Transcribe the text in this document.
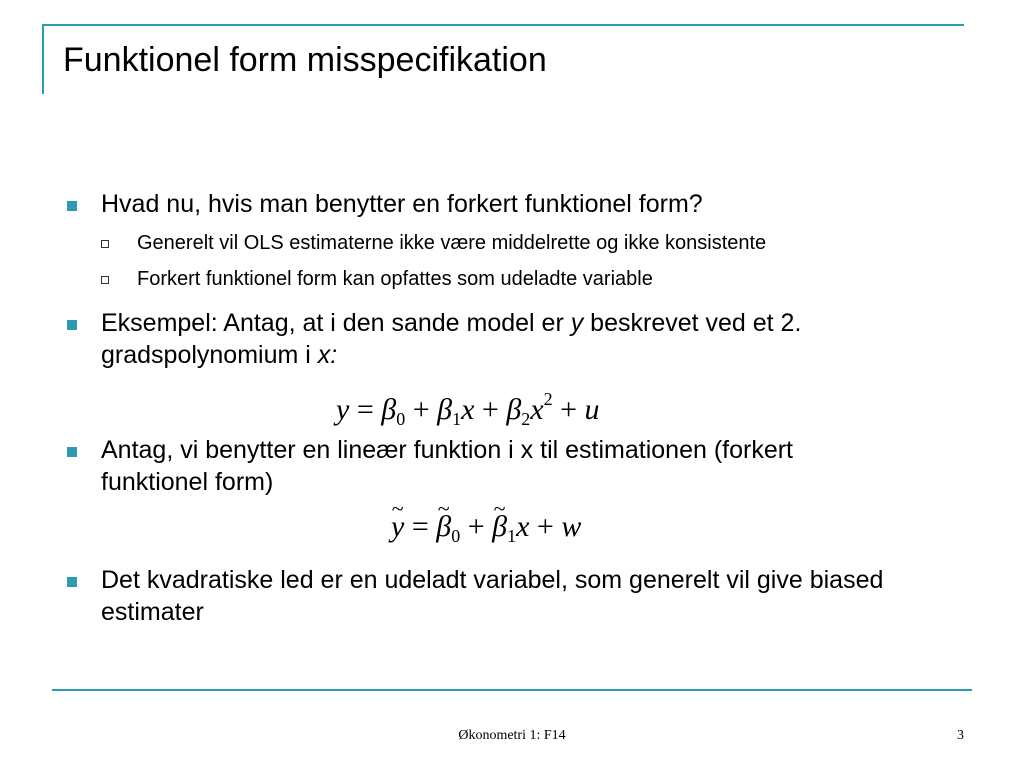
Funktionel form misspecifikation
Hvad nu, hvis man benytter en forkert funktionel form?
Generelt vil OLS estimaterne ikke være middelrette og ikke konsistente
Forkert funktionel form kan opfattes som udeladte variable
Eksempel: Antag, at i den sande model er y beskrevet ved et 2. gradspolynomium i x:
$y = \beta_0 + \beta_1x + \beta_2x^2 + u$
Antag, vi benytter en lineær funktion i x til estimationen (forkert funktionel form)
~ y = ~ $\beta_0$ + ~ $\beta_1x + w$
Det kvadratiske led er en udeladt variabel, som generelt vil give biased estimater
Økonometri 1: F14	3
